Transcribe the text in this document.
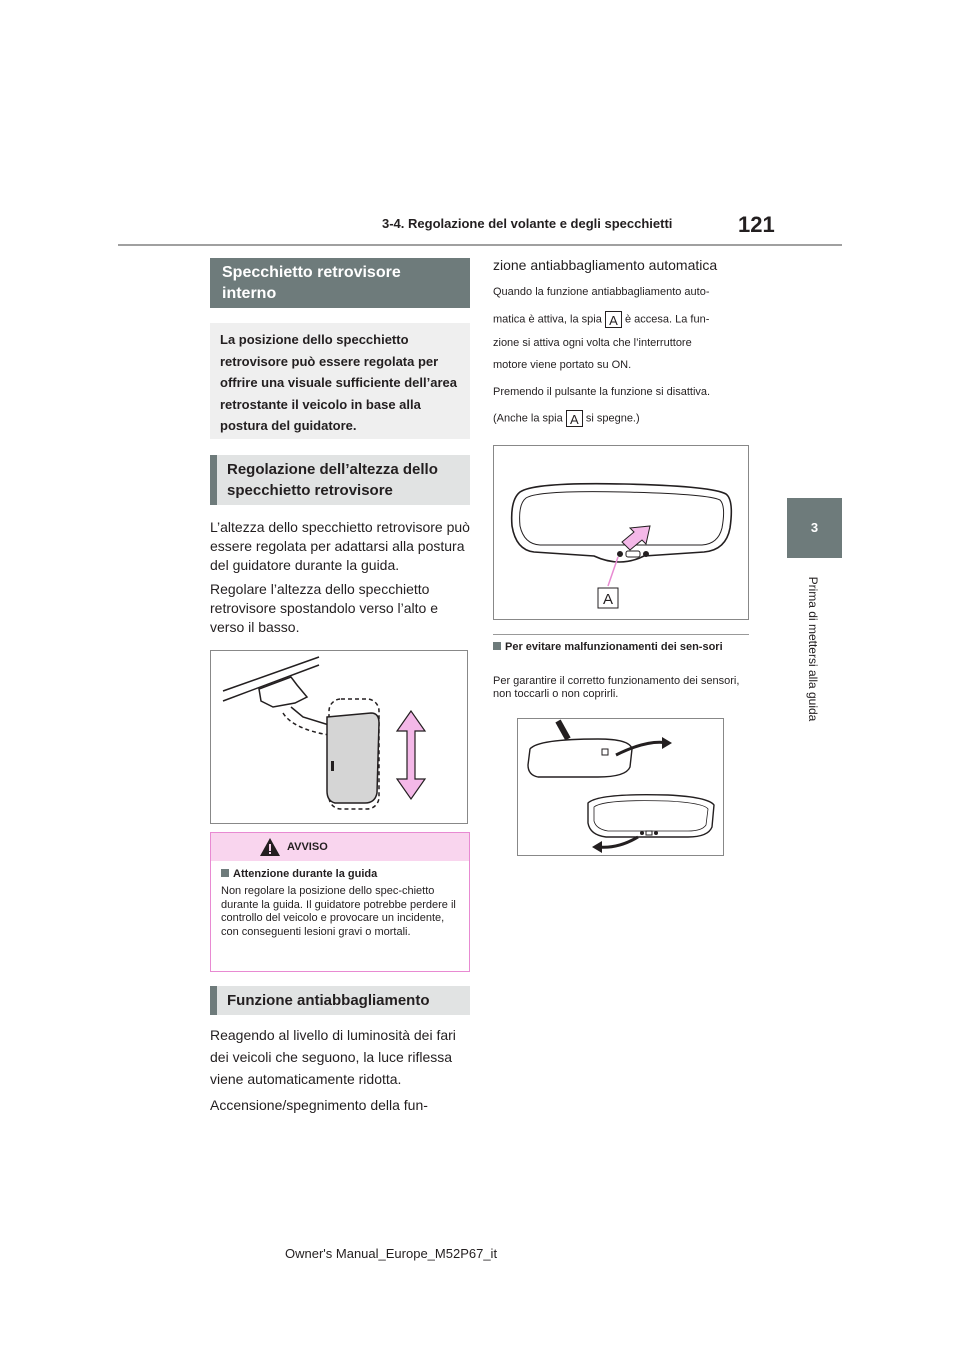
3-4. Regolazione del volante e degli specchietti	121
3
Prima di mettersi alla guida
Specchietto retrovisore interno
La posizione dello specchietto retrovisore può essere regolata per offrire una visuale sufficiente dell’area retrostante il veicolo in base alla postura del guidatore.
Regolazione dell’altezza dello specchietto retrovisore
L’altezza dello specchietto retrovisore può essere regolata per adattarsi alla postura del guidatore durante la guida.
Regolare l’altezza dello specchietto retrovisore spostandolo verso l’alto e verso il basso.
AVVISO
Attenzione durante la guida
Non regolare la posizione dello spec-chietto durante la guida. Il guidatore potrebbe perdere il controllo del veicolo e provocare un incidente, con conseguenti lesioni gravi o mortali.
Funzione antiabbagliamento
Reagendo al livello di luminosità dei fari dei veicoli che seguono, la luce riflessa viene automaticamente ridotta.
Accensione/spegnimento della fun-
zione antiabbagliamento automatica
Quando la funzione antiabbagliamento auto-
matica è attiva, la spia A è accesa. La fun-
zione si attiva ogni volta che l’interruttore
motore viene portato su ON.
Premendo il pulsante la funzione si disattiva.
(Anche la spia A si spegne.)
A
Per evitare malfunzionamenti dei sen-sori
Per garantire il corretto funzionamento dei sensori, non toccarli o non coprirli.
Owner's Manual_Europe_M52P67_it
